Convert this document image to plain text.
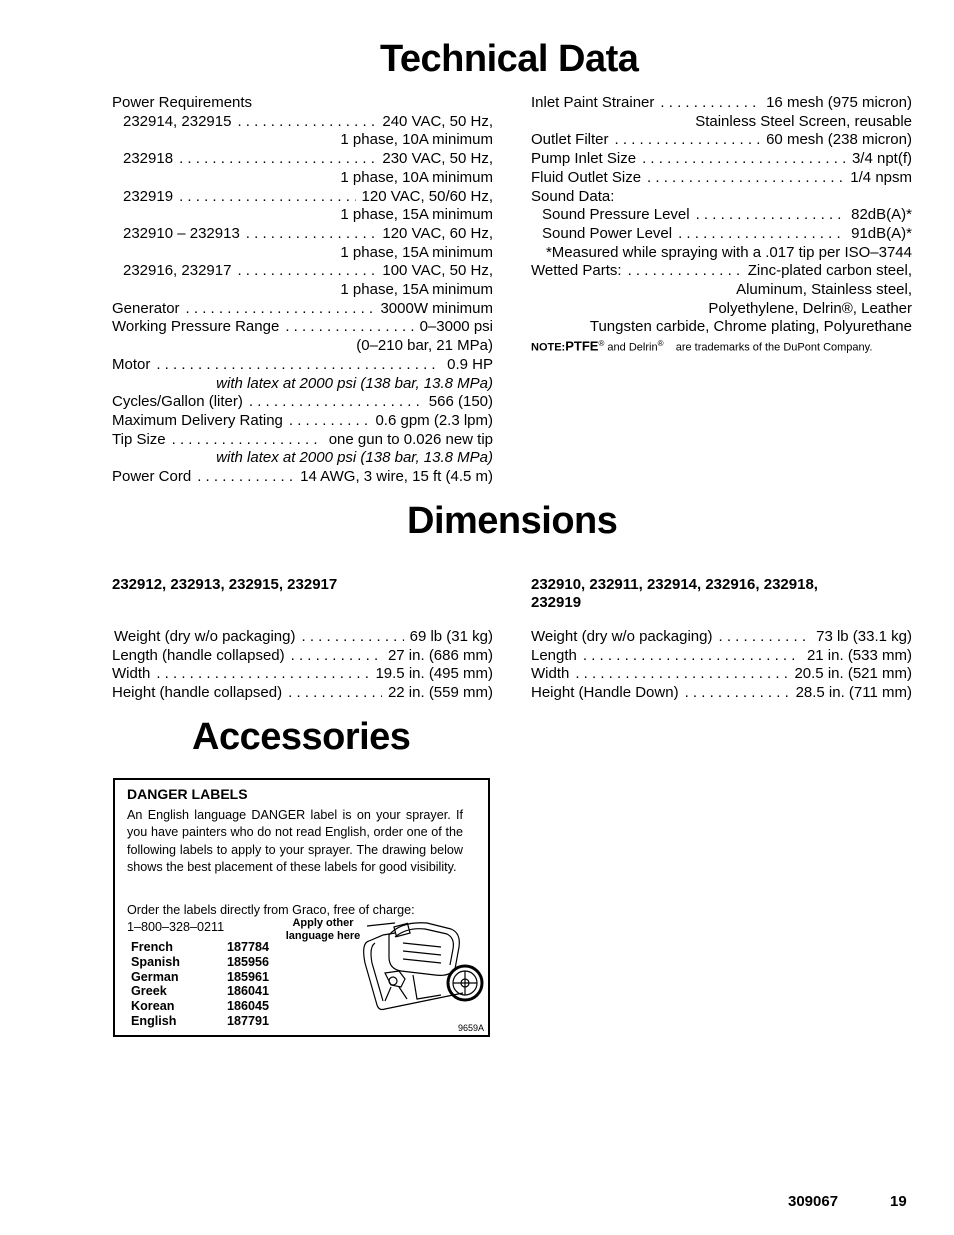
Technical Data
Dimensions
Accessories
Power Requirements
232914, 232915 . . .	240 VAC, 50 Hz,
1 phase, 10A minimum
232918 . . .	230 VAC, 50 Hz,
1 phase, 10A minimum
232919 . . .	120 VAC, 50/60 Hz,
1 phase, 15A minimum
232910 – 232913 . . .	120 VAC, 60 Hz,
1 phase, 15A minimum
232916, 232917 . . .	100 VAC, 50 Hz,
1 phase, 15A minimum
Generator . . .	3000W minimum
Working Pressure Range . . .	0–3000 psi
(0–210 bar, 21 MPa)
Motor . . .	0.9 HP
with latex at 2000 psi (138 bar, 13.8 MPa)
Cycles/Gallon (liter) . . .	566 (150)
Maximum Delivery Rating . . .	0.6 gpm (2.3 lpm)
Tip Size . . .	one gun to 0.026 new tip
with latex at 2000 psi (138 bar, 13.8 MPa)
Power Cord . . .	14 AWG, 3 wire, 15 ft (4.5 m)
Inlet Paint Strainer . . .	16 mesh (975 micron)
Stainless Steel Screen, reusable
Outlet Filter . . .	60 mesh (238 micron)
Pump Inlet Size . . .	3/4 npt(f)
Fluid Outlet Size . . .	1/4 npsm
Sound Data:
Sound Pressure Level . . .	82dB(A)*
Sound Power Level . . .	91dB(A)*
*Measured while spraying with a .017 tip per ISO–3744
Wetted Parts: . . .	Zinc-plated carbon steel,
Aluminum, Stainless steel,
Polyethylene, Delrin®, Leather
Tungsten carbide, Chrome plating, Polyurethane
NOTE:PTFE® and Delrin® are trademarks of the DuPont Company.
232912, 232913, 232915, 232917
Weight (dry w/o packaging) . . .	69 lb (31 kg)
Length (handle collapsed) . . .	27 in. (686 mm)
Width . . .	19.5 in. (495 mm)
Height (handle collapsed) . . .	22 in. (559 mm)
232910, 232911, 232914, 232916, 232918,
232919
Weight (dry w/o packaging) . . .	73 lb (33.1 kg)
Length . . .	21 in. (533 mm)
Width . . .	20.5 in. (521 mm)
Height (Handle Down) . . .	28.5 in. (711 mm)
DANGER LABELS
An English language DANGER label is on your sprayer. If you have painters who do not read English, order one of the following labels to apply to your sprayer. The drawing below shows the best placement of these labels for good visibility.
Order the labels directly from Graco, free of charge:
1–800–328–0211
French	187784
Spanish	185956
German	185961
Greek	186041
Korean	186045
English	187791
Apply other language here
9659A
309067	19
